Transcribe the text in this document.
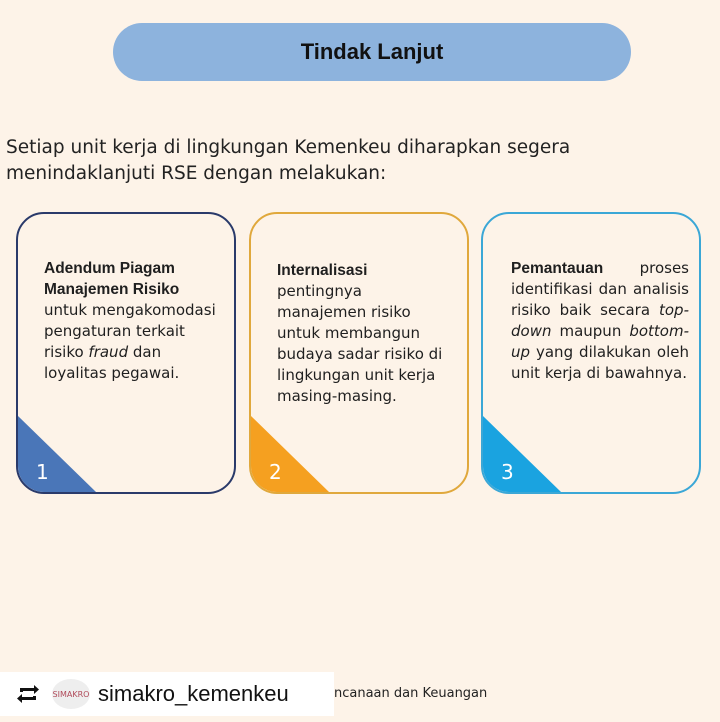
Tindak Lanjut
Setiap unit kerja di lingkungan Kemenkeu diharapkan segera menindaklanjuti RSE dengan melakukan:
Adendum Piagam Manajemen Risiko untuk mengakomodasi pengaturan terkait risiko fraud dan loyalitas pegawai.
1
Internalisasi pentingnya manajemen risiko untuk membangun budaya sadar risiko di lingkungan unit kerja masing-masing.
2
Pemantauan proses identifikasi dan analisis risiko baik secara top-down maupun bottom-up yang dilakukan oleh unit kerja di bawahnya.
3
SIMAKRO simakro_kemenkeu	ncanaan dan Keuangan
